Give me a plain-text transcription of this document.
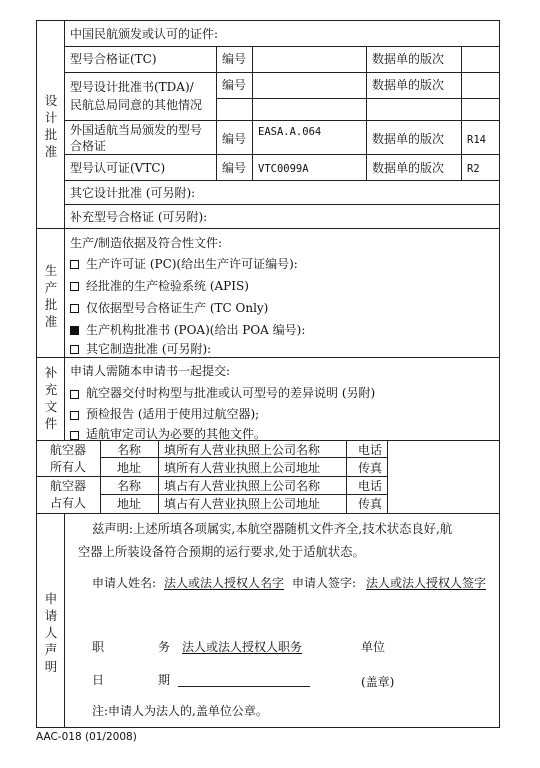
设计批准
中国民航颁发或认可的证件:
型号合格证(TC)	编号	数据单的版次
型号设计批准书(TDA)/
民航总局同意的其他情况
编号	数据单的版次
外国适航当局颁发的型号
合格证	编号 EASA.A.064	数据单的版次 R14
型号认可证(VTC)	编号 VTC0099A	数据单的版次 R2
其它设计批准 (可另附):
补充型号合格证 (可另附):
生产批准
生产/制造依据及符合性文件:
生产许可证 (PC)(给出生产许可证编号):
经批准的生产检验系统 (APIS)
仅依据型号合格证生产 (TC Only)
生产机构批准书 (POA)(给出 POA 编号):
其它制造批准 (可另附):
补充文件
申请人需随本申请书一起提交:
航空器交付时构型与批准或认可型号的差异说明 (另附)
预检报告 (适用于使用过航空器);
适航审定司认为必要的其他文件。
航空器
所有人
名称 填所有人营业执照上公司名称	电话
地址 填所有人营业执照上公司地址	传真
航空器
占有人
名称 填占有人营业执照上公司名称	电话
地址 填占有人营业执照上公司地址	传真
申请人声明
兹声明:上述所填各项属实,本航空器随机文件齐全,技术状态良好,航
空器上所装设备符合预期的运行要求,处于适航状态。
申请人姓名: 法人或法人授权人名字 申请人签字: 法人或法人授权人签字
职	务 法人或法人授权人职务	单位
日	期	(盖章)
注:申请人为法人的,盖单位公章。
AAC-018 (01/2008)
